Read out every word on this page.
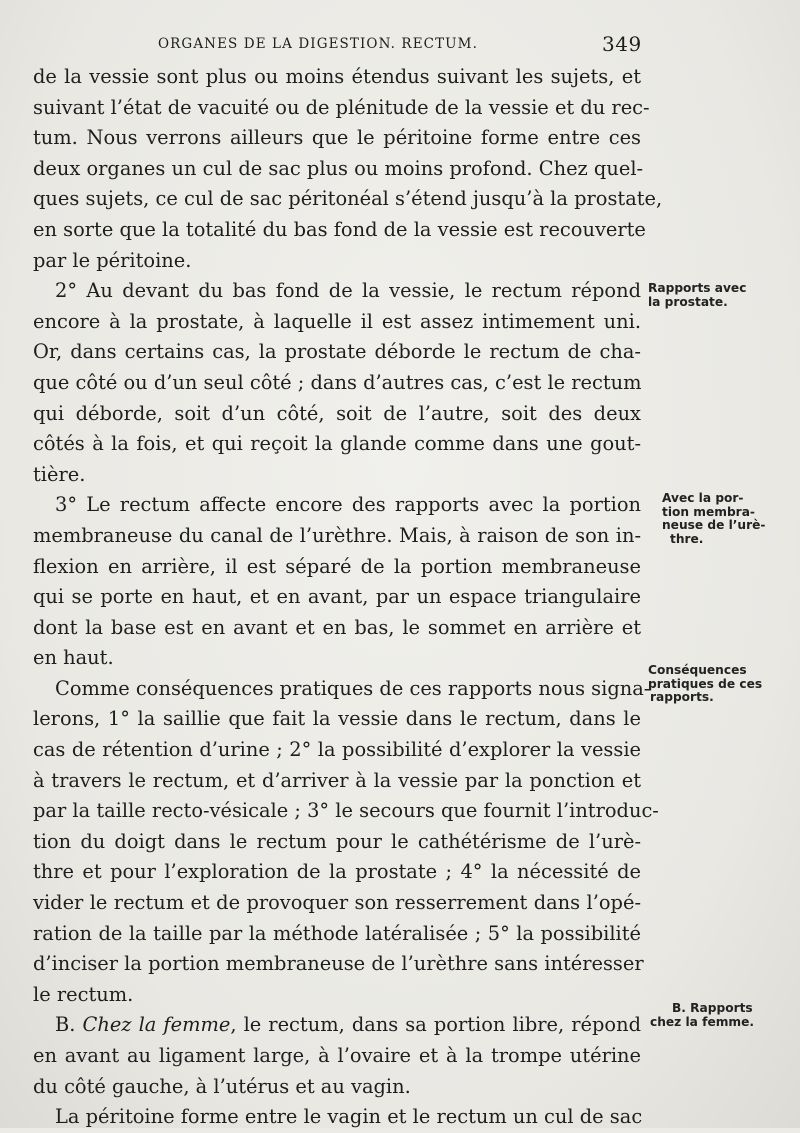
ORGANES DE LA DIGESTION. RECTUM.	349
de la vessie sont plus ou moins étendus suivant les sujets, et
suivant l’état de vacuité ou de plénitude de la vessie et du rec-
tum. Nous verrons ailleurs que le péritoine forme entre ces
deux organes un cul de sac plus ou moins profond. Chez quel-
ques sujets, ce cul de sac péritonéal s’étend jusqu’à la prostate,
en sorte que la totalité du bas fond de la vessie est recouverte
par le péritoine.
2° Au devant du bas fond de la vessie, le rectum répond
encore à la prostate, à laquelle il est assez intimement uni.
Or, dans certains cas, la prostate déborde le rectum de cha-
que côté ou d’un seul côté ; dans d’autres cas, c’est le rectum
qui déborde, soit d’un côté, soit de l’autre, soit des deux
côtés à la fois, et qui reçoit la glande comme dans une gout-
tière.
3° Le rectum affecte encore des rapports avec la portion
membraneuse du canal de l’urèthre. Mais, à raison de son in-
flexion en arrière, il est séparé de la portion membraneuse
qui se porte en haut, et en avant, par un espace triangulaire
dont la base est en avant et en bas, le sommet en arrière et
en haut.
Comme conséquences pratiques de ces rapports nous signa-
lerons, 1° la saillie que fait la vessie dans le rectum, dans le
cas de rétention d’urine ; 2° la possibilité d’explorer la vessie
à travers le rectum, et d’arriver à la vessie par la ponction et
par la taille recto-vésicale ; 3° le secours que fournit l’introduc-
tion du doigt dans le rectum pour le cathétérisme de l’urè-
thre et pour l’exploration de la prostate ; 4° la nécessité de
vider le rectum et de provoquer son resserrement dans l’opé-
ration de la taille par la méthode latéralisée ; 5° la possibilité
d’inciser la portion membraneuse de l’urèthre sans intéresser
le rectum.
B. Chez la femme, le rectum, dans sa portion libre, répond
en avant au ligament large, à l’ovaire et à la trompe utérine
du côté gauche, à l’utérus et au vagin.
La péritoine forme entre le vagin et le rectum un cul de sac
Rapports avec
la prostate.
Avec la por-
tion membra-
neuse de l’urè-
thre.
Conséquences
pratiques de ces
rapports.
B. Rapports
chez la femme.
